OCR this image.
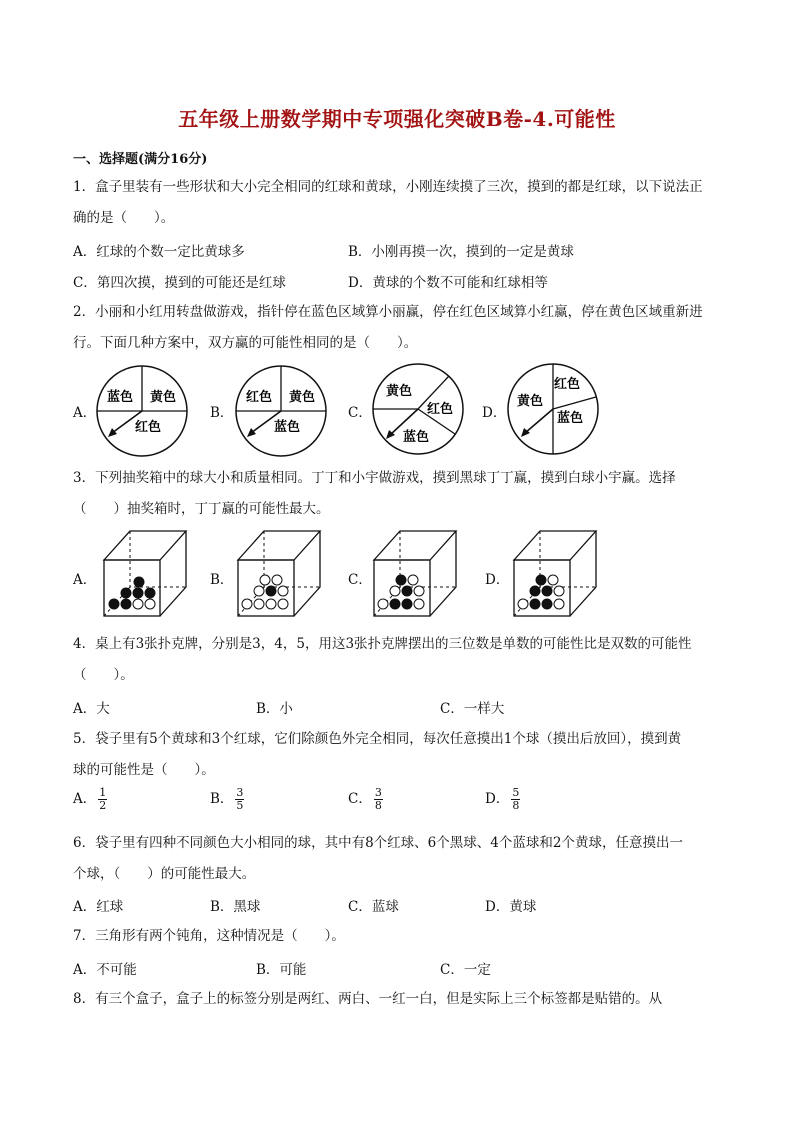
五年级上册数学期中专项强化突破B卷-4.可能性
一、选择题(满分16分)
1．盒子里装有一些形状和大小完全相同的红球和黄球，小刚连续摸了三次，摸到的都是红球，以下说法正
确的是（　　）。
A．红球的个数一定比黄球多	B．小刚再摸一次，摸到的一定是黄球
C．第四次摸，摸到的可能还是红球	D．黄球的个数不可能和红球相等
2．小丽和小红用转盘做游戏，指针停在蓝色区域算小丽赢，停在红色区域算小红赢，停在黄色区域重新进
行。下面几种方案中，双方赢的可能性相同的是（　　）。
A．	B．	C．	D．
蓝色 黄色
红色
红色 黄色
蓝色
黄色
红色
蓝色
黄色
红色
蓝色
3．下列抽奖箱中的球大小和质量相同。丁丁和小宇做游戏，摸到黑球丁丁赢，摸到白球小宇赢。选择
（　　）抽奖箱时，丁丁赢的可能性最大。
A．	B．	C．	D．
4．桌上有3张扑克牌，分别是3，4，5，用这3张扑克牌摆出的三位数是单数的可能性比是双数的可能性
（　　）。
A．大	B．小	C．一样大
5．袋子里有5个黄球和3个红球，它们除颜色外完全相同，每次任意摸出1个球（摸出后放回），摸到黄
球的可能性是（　　）。
A． $\frac{1}{2}$	B． $\frac{3}{5}$	C． $\frac{3}{8}$	D． $\frac{5}{8}$
6．袋子里有四种不同颜色大小相同的球，其中有8个红球、6个黑球、4个蓝球和2个黄球，任意摸出一
个球，（　　）的可能性最大。
A．红球	B．黑球	C．蓝球	D．黄球
7．三角形有两个钝角，这种情况是（　　）。
A．不可能	B．可能	C．一定
8．有三个盒子，盒子上的标签分别是两红、两白、一红一白，但是实际上三个标签都是贴错的。从
